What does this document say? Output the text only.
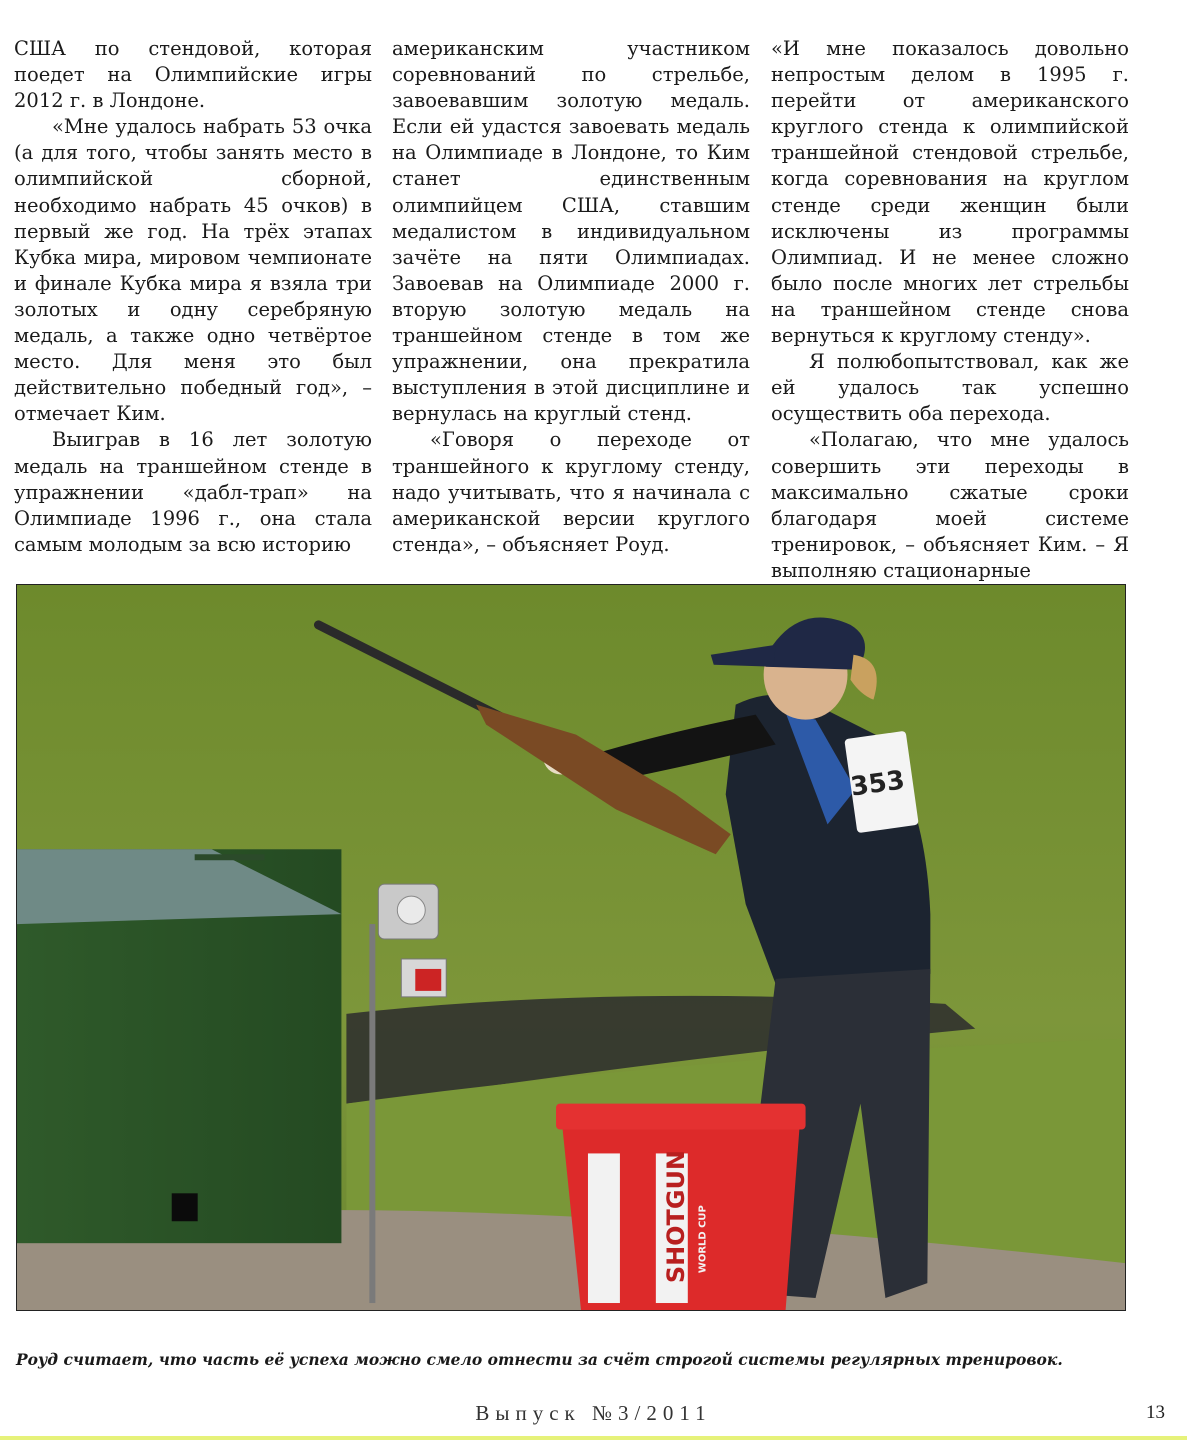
США по стендовой, которая поедет на Олимпийские игры 2012 г. в Лондоне.

«Мне удалось набрать 53 очка (а для того, чтобы занять место в олимпийской сборной, необходимо набрать 45 очков) в первый же год. На трёх этапах Кубка мира, мировом чемпионате и финале Кубка мира я взяла три золотых и одну серебряную медаль, а также одно четвёртое место. Для меня это был действительно победный год», – отмечает Ким.

Выиграв в 16 лет золотую медаль на траншейном стенде в упражнении «дабл-трап» на Олимпиаде 1996 г., она стала самым молодым за всю историю

американским участником соревнований по стрельбе, завоевавшим золотую медаль. Если ей удастся завоевать медаль на Олимпиаде в Лондоне, то Ким станет единственным олимпийцем США, ставшим медалистом в индивидуальном зачёте на пяти Олимпиадах. Завоевав на Олимпиаде 2000 г. вторую золотую медаль на траншейном стенде в том же упражнении, она прекратила выступления в этой дисциплине и вернулась на круглый стенд.

«Говоря о переходе от траншейного к круглому стенду, надо учитывать, что я начинала с американской версии круглого стенда», – объясняет Роуд.

«И мне показалось довольно непростым делом в 1995 г. перейти от американского круглого стенда к олимпийской траншейной стендовой стрельбе, когда соревнования на круглом стенде среди женщин были исключены из программы Олимпиад. И не менее сложно было после многих лет стрельбы на траншейном стенде снова вернуться к круглому стенду».

Я полюбопытствовал, как же ей удалось так успешно осуществить оба перехода.

«Полагаю, что мне удалось совершить эти переходы в максимально сжатые сроки благодаря моей системе тренировок, – объясняет Ким. – Я выполняю стационарные

353
SHOTGUN WORLD CUP
Роуд считает, что часть её успеха можно смело отнести за счёт строгой системы регулярных тренировок.
Выпуск №3/2011	13
